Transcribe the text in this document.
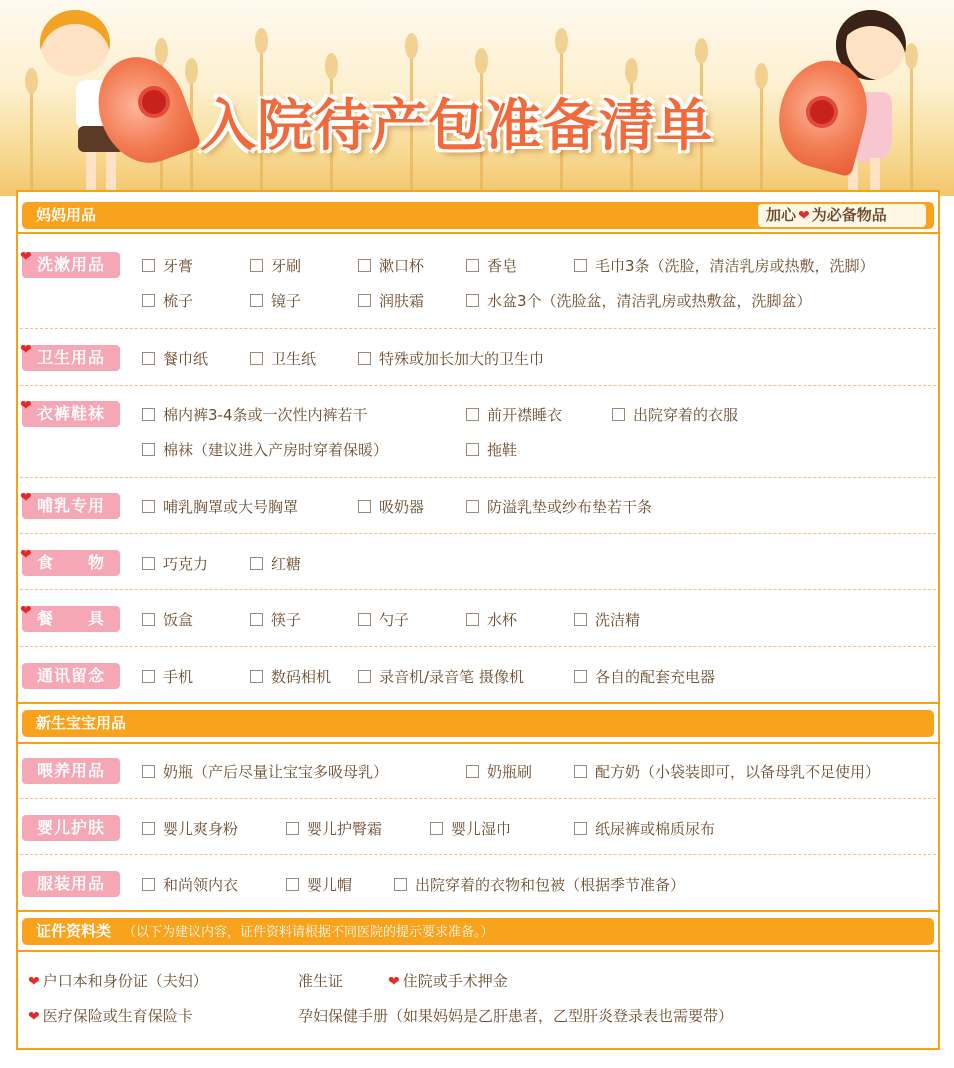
入院待产包准备清单
妈妈用品	加心 ❤ 为必备物品
❤ 洗漱用品	牙膏	牙刷	漱口杯	香皂	毛巾3条（洗脸，清洁乳房或热敷，洗脚）
梳子	镜子	润肤霜	水盆3个（洗脸盆，清洁乳房或热敷盆，洗脚盆）
❤ 卫生用品	餐巾纸	卫生纸	特殊或加长加大的卫生巾
❤ 衣裤鞋袜	棉内裤3-4条或一次性内裤若干	前开襟睡衣	出院穿着的衣服
棉袜（建议进入产房时穿着保暖）	拖鞋
❤ 哺乳专用	哺乳胸罩或大号胸罩	吸奶器	防溢乳垫或纱布垫若干条
❤ 食　　物	巧克力	红糖
❤ 餐　　具	饭盒	筷子	勺子	水杯	洗洁精
通讯留念	手机	数码相机	录音机/录音笔 摄像机	各自的配套充电器
新生宝宝用品
喂养用品	奶瓶（产后尽量让宝宝多吸母乳）	奶瓶刷	配方奶（小袋装即可，以备母乳不足使用）
婴儿护肤	婴儿爽身粉	婴儿护臀霜	婴儿湿巾	纸尿裤或棉质尿布
服装用品	和尚领内衣	婴儿帽	出院穿着的衣物和包被（根据季节准备）
证件资料类 （以下为建议内容，证件资料请根据不同医院的提示要求准备。）
❤ 户口本和身份证（夫妇）	准生证	❤ 住院或手术押金
❤ 医疗保险或生育保险卡	孕妇保健手册（如果妈妈是乙肝患者，乙型肝炎登录表也需要带）
